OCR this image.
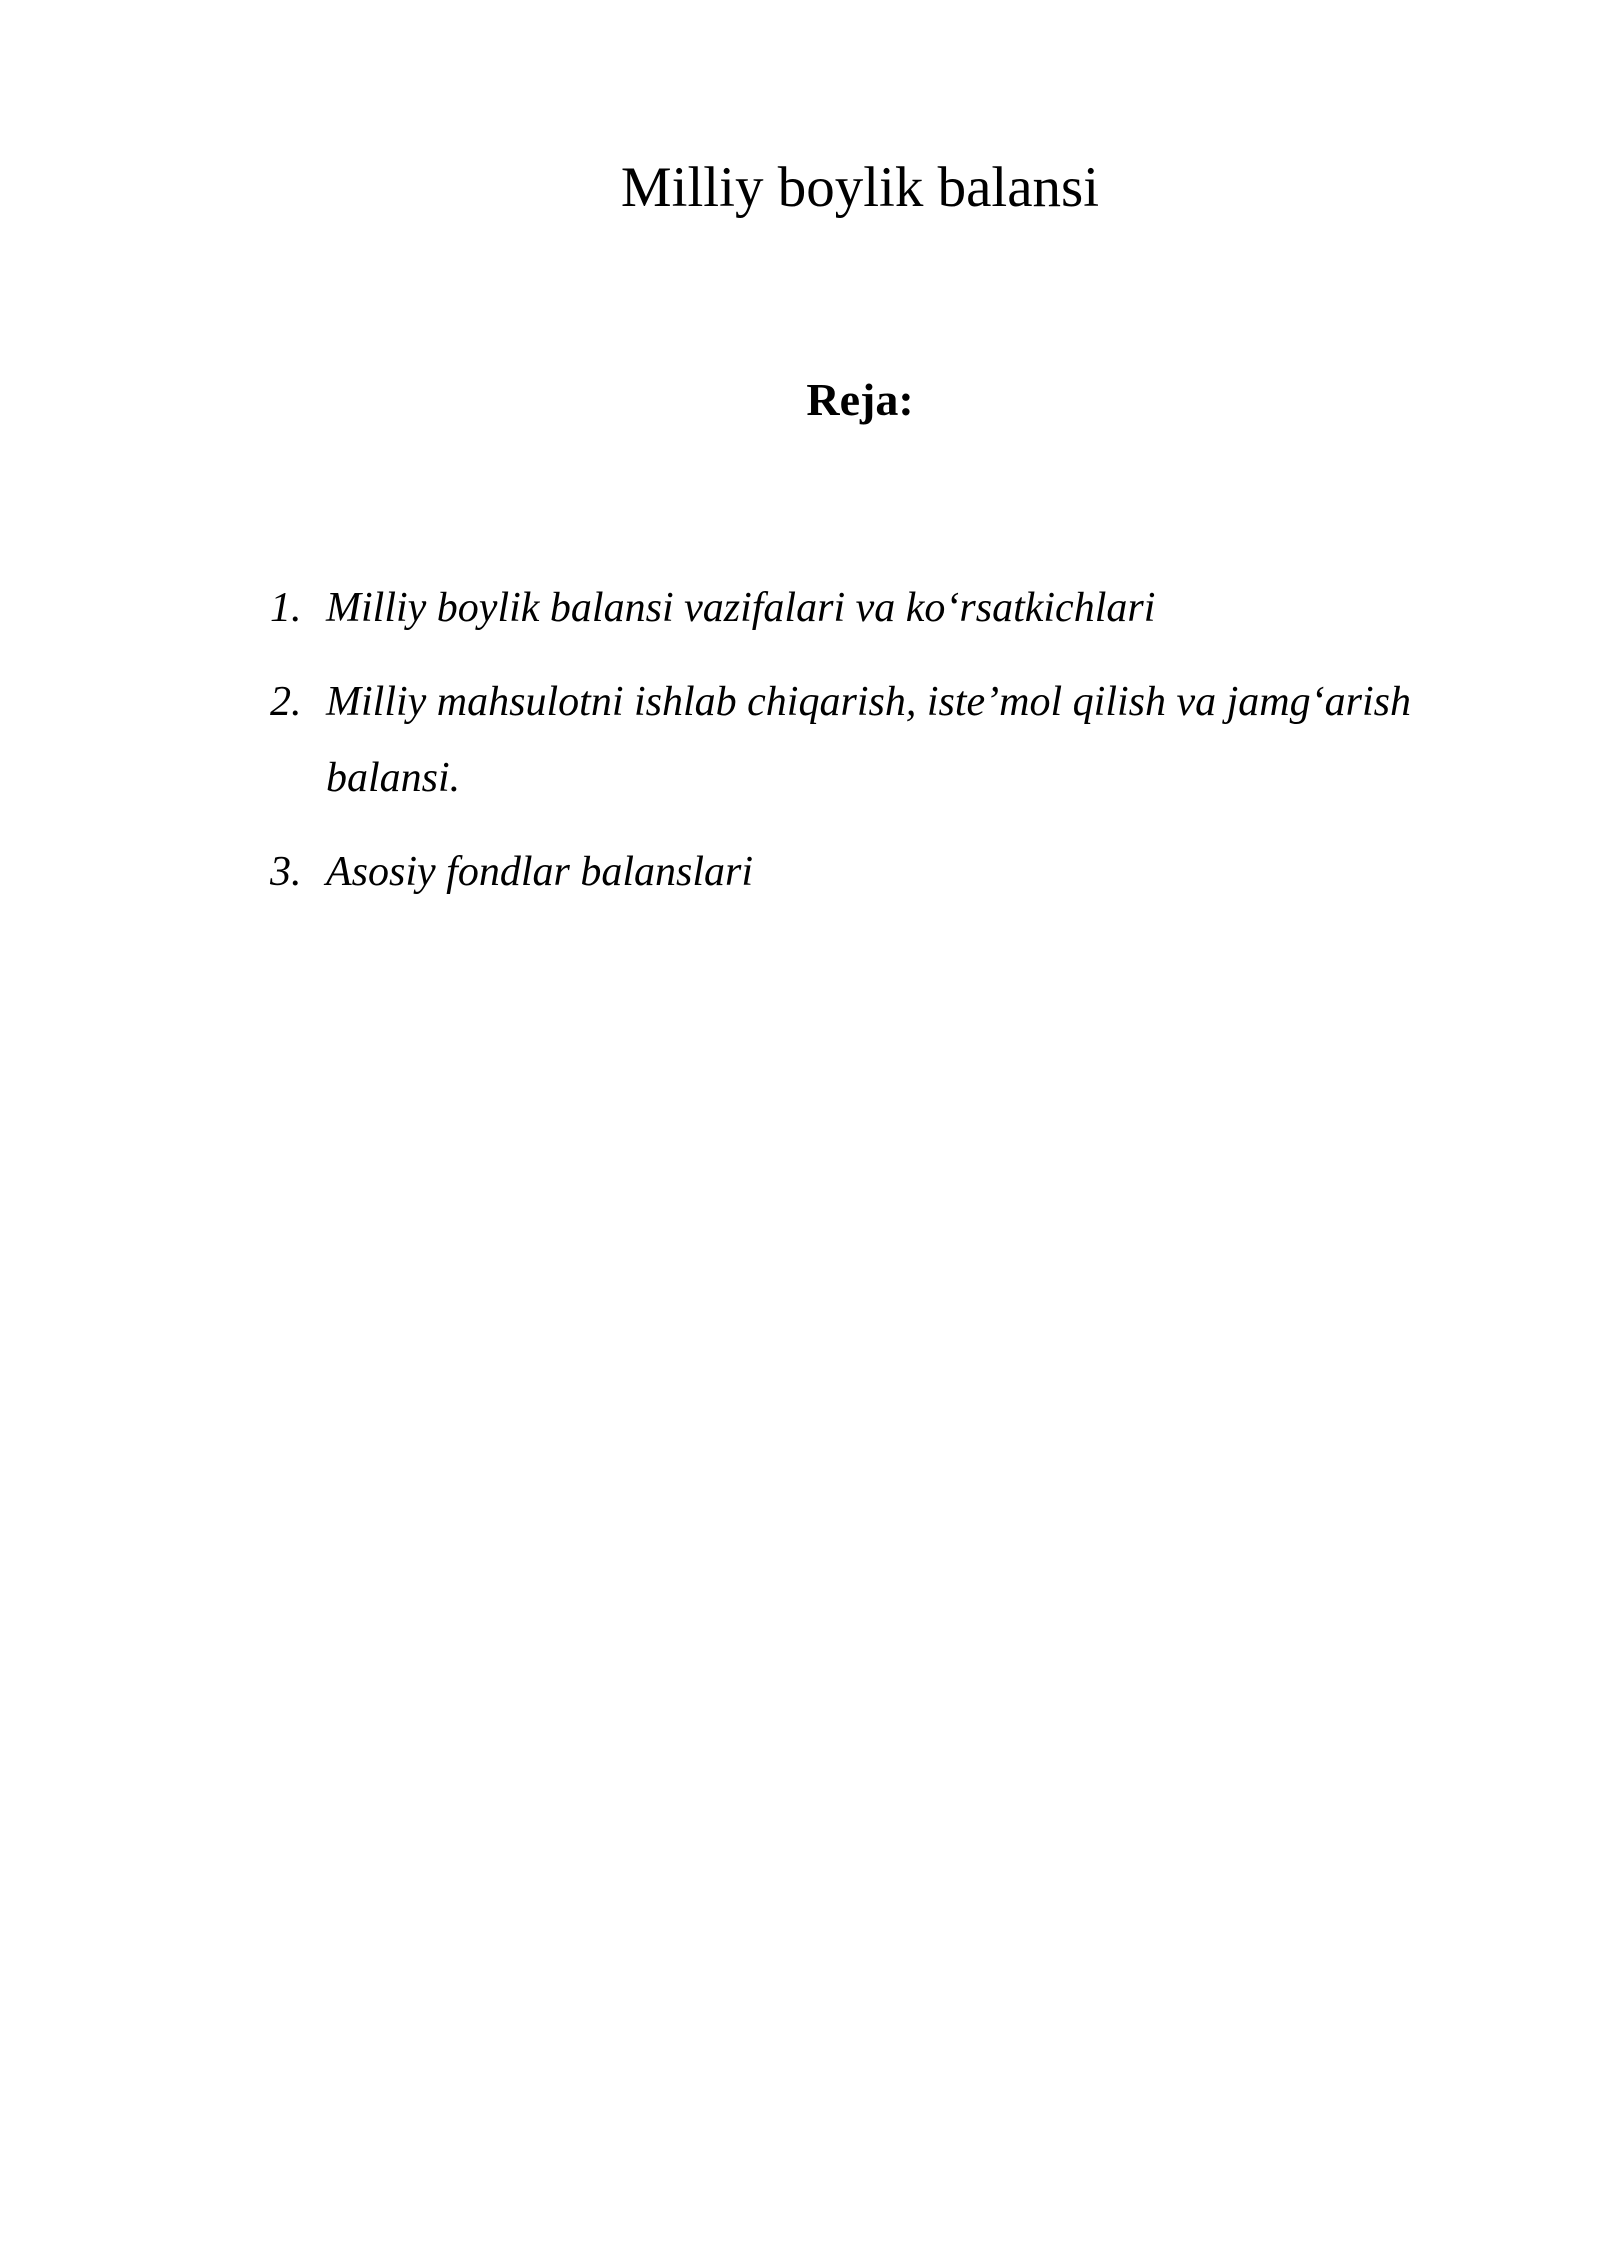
Milliy boylik balansi
Reja:
1. Milliy boylik balansi vazifalari va ko‘rsatkichlari
2. Milliy mahsulotni ishlab chiqarish, iste’mol qilish va jamg‘arish balansi.
3. Asosiy fondlar balanslari
